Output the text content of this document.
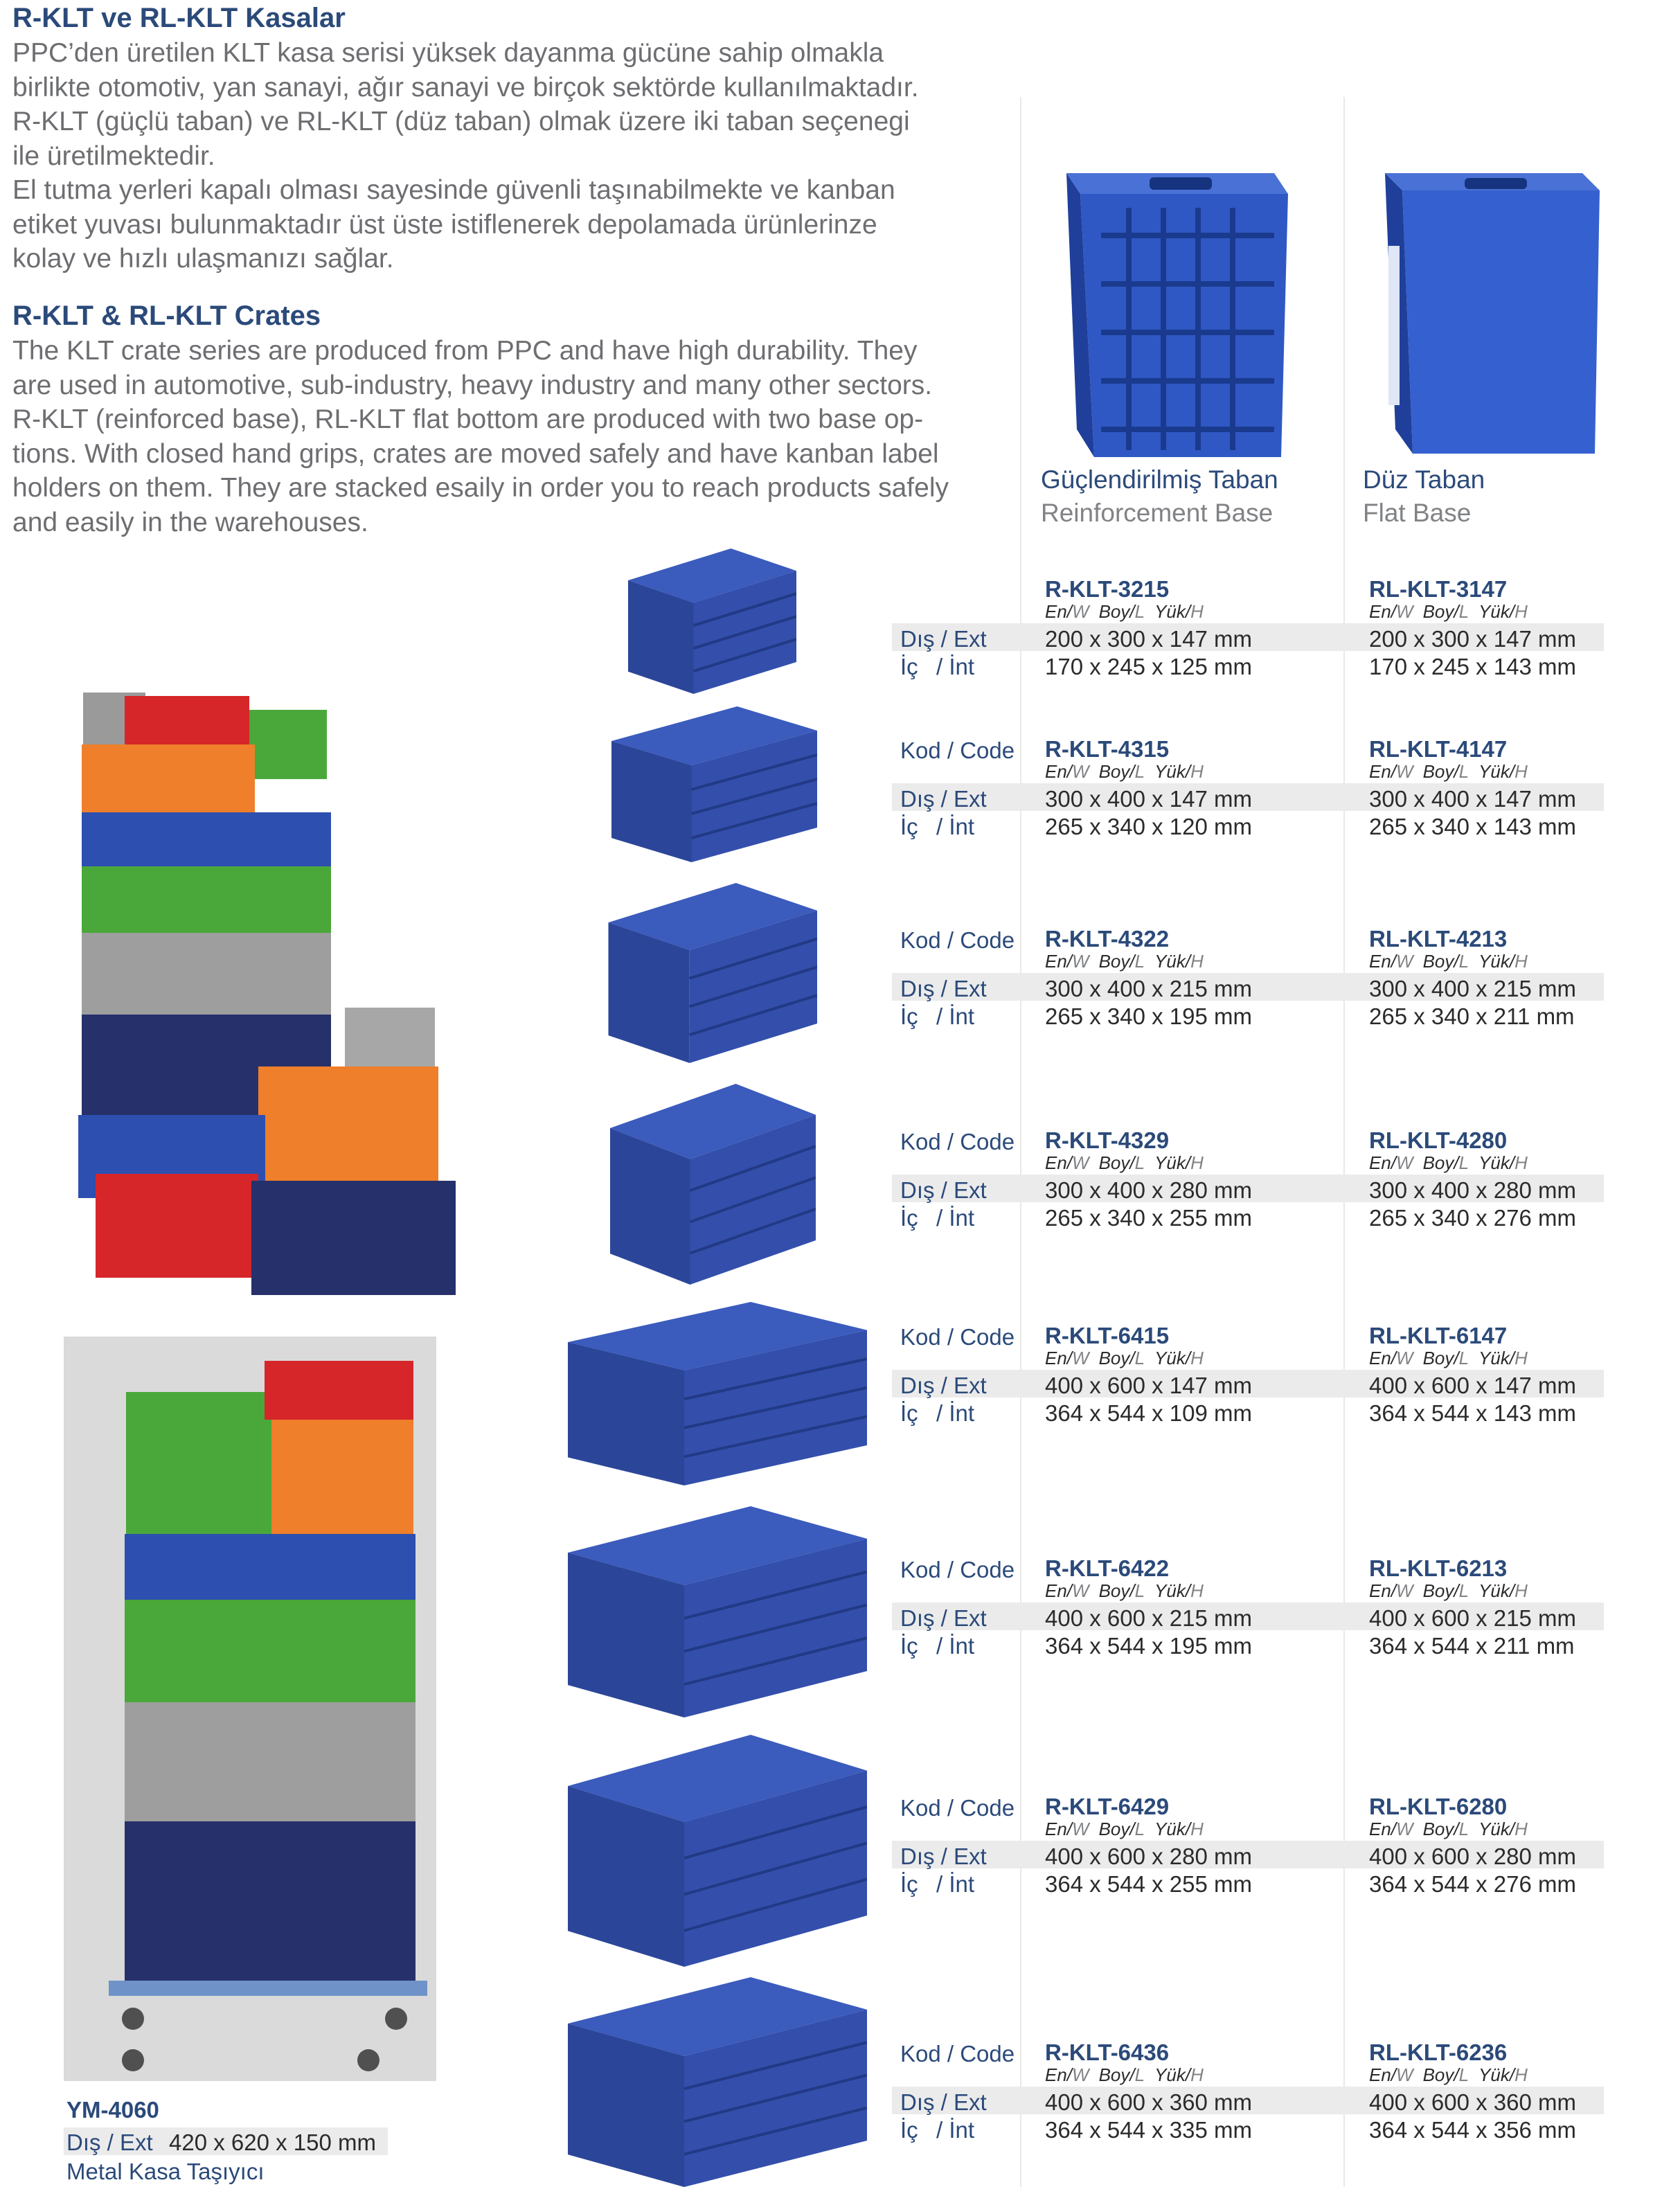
R-KLT ve RL-KLT Kasalar
PPC’den üretilen KLT kasa serisi yüksek dayanma gücüne sahip olmakla
birlikte otomotiv, yan sanayi, ağır sanayi ve birçok sektörde kullanılmaktadır.
R-KLT (güçlü taban) ve RL-KLT (düz taban) olmak üzere iki taban seçenegi
ile üretilmektedir.
El tutma yerleri kapalı olması sayesinde güvenli taşınabilmekte ve kanban
etiket yuvası bulunmaktadır üst üste istiflenerek depolamada ürünlerinze
kolay ve hızlı ulaşmanızı sağlar.
R-KLT & RL-KLT Crates
The KLT crate series are produced from PPC and have high durability. They
are used in automotive, sub-industry, heavy industry and many other sectors.
R-KLT (reinforced base), RL-KLT flat bottom are produced with two base op-
tions. With closed hand grips, crates are moved safely and have kanban label
holders on them. They are stacked esaily in order you to reach products safely
and easily in the warehouses.
Güçlendirilmiş Taban
Reinforcement Base
Düz Taban
Flat Base
YM-4060
Dış / Ext 420 x 620 x 150 mm
Metal Kasa Taşıyıcı
R-KLT-3215	RL-KLT-3147
En/W Boy/L Yük/H	En/W Boy/L Yük/H
Dış / Ext	200 x 300 x 147 mm	200 x 300 x 147 mm
İç / İnt	170 x 245 x 125 mm	170 x 245 x 143 mm
Kod / Code R-KLT-4315	RL-KLT-4147
En/W Boy/L Yük/H	En/W Boy/L Yük/H
Dış / Ext	300 x 400 x 147 mm	300 x 400 x 147 mm
İç / İnt	265 x 340 x 120 mm	265 x 340 x 143 mm
Kod / Code R-KLT-4322	RL-KLT-4213
En/W Boy/L Yük/H	En/W Boy/L Yük/H
Dış / Ext	300 x 400 x 215 mm	300 x 400 x 215 mm
İç / İnt	265 x 340 x 195 mm	265 x 340 x 211 mm
Kod / Code R-KLT-4329	RL-KLT-4280
En/W Boy/L Yük/H	En/W Boy/L Yük/H
Dış / Ext	300 x 400 x 280 mm	300 x 400 x 280 mm
İç / İnt	265 x 340 x 255 mm	265 x 340 x 276 mm
Kod / Code R-KLT-6415	RL-KLT-6147
En/W Boy/L Yük/H	En/W Boy/L Yük/H
Dış / Ext	400 x 600 x 147 mm	400 x 600 x 147 mm
İç / İnt	364 x 544 x 109 mm	364 x 544 x 143 mm
Kod / Code R-KLT-6422	RL-KLT-6213
En/W Boy/L Yük/H	En/W Boy/L Yük/H
Dış / Ext	400 x 600 x 215 mm	400 x 600 x 215 mm
İç / İnt	364 x 544 x 195 mm	364 x 544 x 211 mm
Kod / Code R-KLT-6429	RL-KLT-6280
En/W Boy/L Yük/H	En/W Boy/L Yük/H
Dış / Ext	400 x 600 x 280 mm	400 x 600 x 280 mm
İç / İnt	364 x 544 x 255 mm	364 x 544 x 276 mm
Kod / Code R-KLT-6436	RL-KLT-6236
En/W Boy/L Yük/H	En/W Boy/L Yük/H
Dış / Ext	400 x 600 x 360 mm	400 x 600 x 360 mm
İç / İnt	364 x 544 x 335 mm	364 x 544 x 356 mm
